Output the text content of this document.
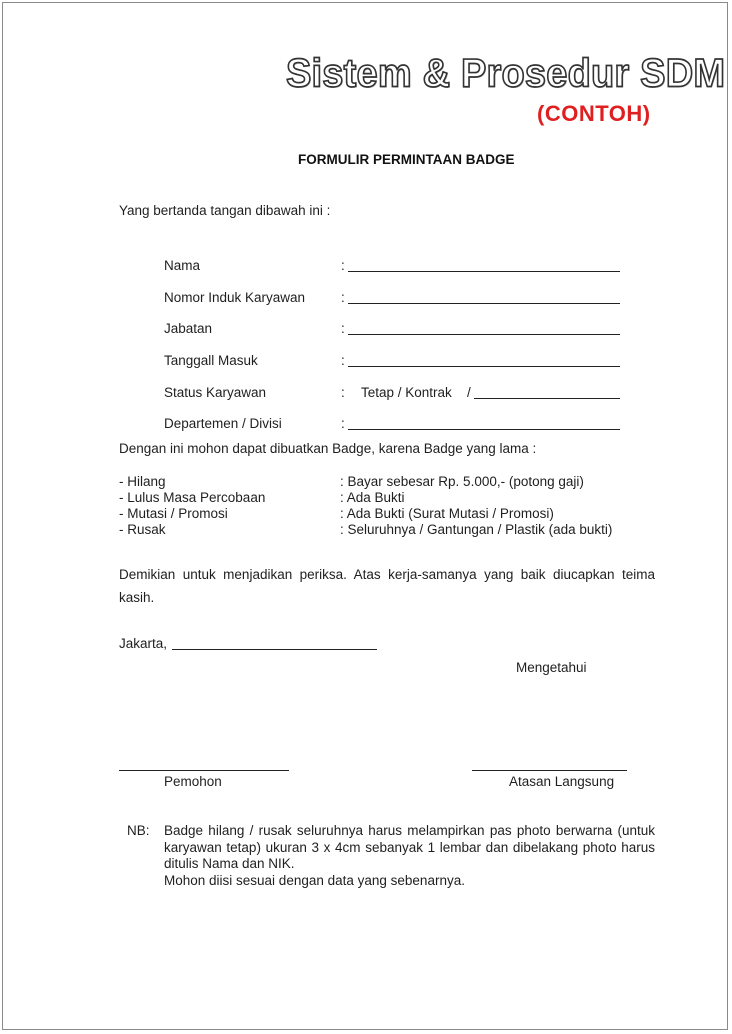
Sistem & Prosedur SDM
(CONTOH)
FORMULIR PERMINTAAN BADGE
Yang bertanda tangan dibawah ini :
Nama	:
Nomor Induk Karyawan	:
Jabatan	:
Tanggall Masuk	:
Status Karyawan	: Tetap / Kontrak /
Departemen / Divisi	:
Dengan ini mohon dapat dibuatkan Badge, karena Badge yang lama :
- Hilang	: Bayar sebesar Rp. 5.000,- (potong gaji)
- Lulus Masa Percobaan	: Ada Bukti
- Mutasi / Promosi	: Ada Bukti (Surat Mutasi / Promosi)
- Rusak	: Seluruhnya / Gantungan / Plastik (ada bukti)
Demikian untuk menjadikan periksa. Atas kerja-samanya yang baik diucapkan teima kasih.
Jakarta,
Mengetahui
Pemohon	Atasan Langsung
NB: Badge hilang / rusak seluruhnya harus melampirkan pas photo berwarna (untuk karyawan tetap) ukuran 3 x 4cm sebanyak 1 lembar dan dibelakang photo harus ditulis Nama dan NIK.
Mohon diisi sesuai dengan data yang sebenarnya.
